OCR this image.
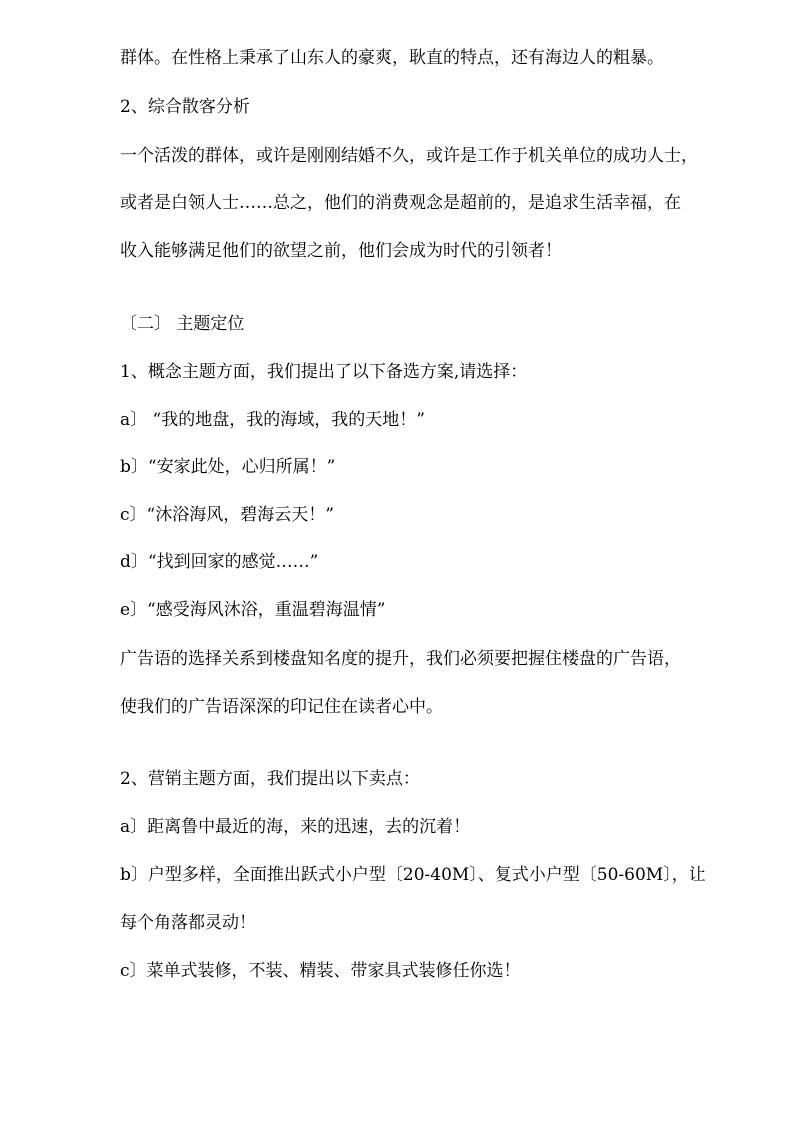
群体。在性格上秉承了山东人的豪爽，耿直的特点，还有海边人的粗暴。
2、综合散客分析
一个活泼的群体，或许是刚刚结婚不久，或许是工作于机关单位的成功人士，
或者是白领人士……总之，他们的消费观念是超前的，是追求生活幸福，在
收入能够满足他们的欲望之前，他们会成为时代的引领者！
〔二〕 主题定位
1、概念主题方面，我们提出了以下备选方案,请选择：
a〕 “我的地盘，我的海域，我的天地！”
b〕“安家此处，心归所属！”
c〕“沐浴海风，碧海云天！”
d〕“找到回家的感觉……”
e〕“感受海风沐浴，重温碧海温情”
广告语的选择关系到楼盘知名度的提升，我们必须要把握住楼盘的广告语，
使我们的广告语深深的印记住在读者心中。
2、营销主题方面，我们提出以下卖点：
a〕距离鲁中最近的海，来的迅速，去的沉着！
b〕户型多样，全面推出跃式小户型〔20-40M〕、复式小户型〔50-60M〕，让
每个角落都灵动！
c〕菜单式装修，不装、精装、带家具式装修任你选！
